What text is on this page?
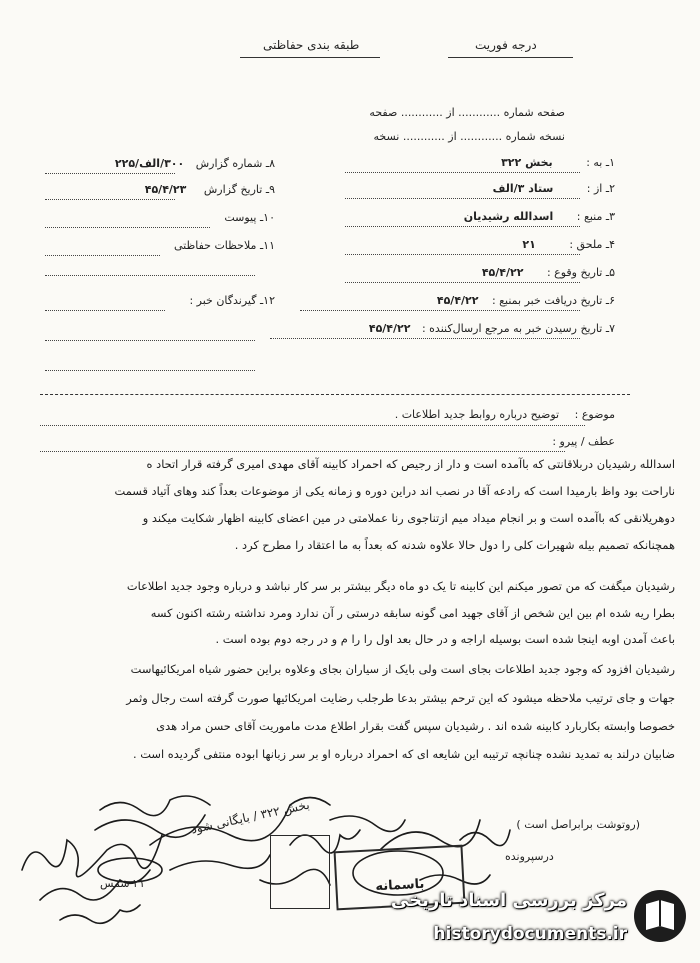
درجه فوریت
طبقه بندی حفاظتی
صفحه شماره ............ از ............ صفحه
نسخه شماره ............ از ............ نسخه
۱ـ به : بخش ۳۲۲
۲ـ از : ستاد ۳/الف
۳ـ منبع : اسدالله رشیدیان
۴ـ ملحق : ۲۱
۵ـ تاریخ وقوع : ۴۵/۴/۲۲
۶ـ تاریخ دریافت خبر بمنبع : ۴۵/۴/۲۲
۷ـ تاریخ رسیدن خبر به مرجع ارسال‌کننده : ۴۵/۴/۲۲
۸ـ شماره گزارش ۳۰۰/الف/۲۲۵
۹ـ تاریخ گزارش ۴۵/۴/۲۳
۱۰ـ پیوست
۱۱ـ ملاحظات حفاظتی
۱۲ـ گیرندگان خبر :
موضوع : توضیح درباره روابط جدید اطلاعات .
عطف / پیرو :
اسدالله رشیدیان دربلاقانتی که باآمده است و دار از رجیص که احمراد کابینه آقای مهدی امیری گرفته قرار اتحاد ه
ناراحت بود واظ بارمیدا است که رادعه آقا در نصب اند دراین دوره و زمانه یکی از موضوعات بعداً کند وهای آتیاد قسمت
دوهریلانقی که باآمده است و بر انجام میداد میم ازتناجوی رنا عملامتی در مین اعضای کابینه اظهار شکایت میکند و
همچنانکه تصمیم بیله شهیرات کلی را دول حالا علاوه شدنه که بعداً به ما اعتقاد را مطرح کرد .
رشیدیان میگفت که من تصور میکنم این کابینه تا یک دو ماه دیگر بیشتر بر سر کار نباشد و درباره وجود جدید اطلاعات
بطرا ریه شده ام بین این شخص از آقای جهید امی گونه سابقه درستی ر آن ندارد ومرد نداشته رشته اکنون کسه
باعث آمدن اوبه اینجا شده است بوسیله اراجه و در حال بعد اول را را م و در رجه دوم بوده است .
رشیدیان افزود که وجود جدید اطلاعات بجای است ولی بایک از سیاران بجای وعلاوه براین حضور شیاه امریکائیهاست
جهات و جای ترتیب ملاحظه میشود که این ترحم بیشتر بدعا طرجلب رضایت امریکائیها صورت گرفته است رجال وثمر
خصوصا وابسته بکاربارد کابینه شده اند . رشیدیان سپس گفت بقرار اطلاع مدت ماموریت آقای حسن مراد هدی
ضابیان درلند به تمدید نشده چنانچه ترتیبه این شایعه ای که احمراد درباره او بر سر زبانها ابوده منتفی گردیده است .
(روتوشت برابراصل است )
باسمانه
بخش ۳۲۲ / بایگانی شود
درسپرونده
۲۱ شمس
مرکز بررسی اسناد تاریخی
historydocuments.ir
